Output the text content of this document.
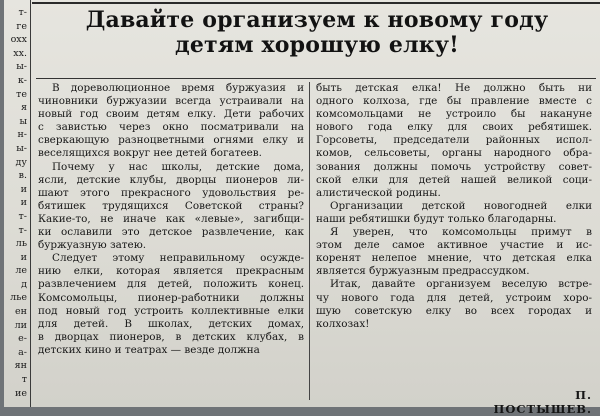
т-
ге
охх
хх.
ы-
к-
те
я
ы
н-
ы-
ду
в.
и
и
т-
т-
ль
и
ле
д
лье
ен
ли
е-
а-
ян
т
ие
Давайте организуем к новому году
детям хорошую елку!
В дореволюционное время буржуазия и
чиновники буржуазии всегда устраивали на
новый год своим детям елку. Дети рабочих
с завистью через окно посматривали на
сверкающую разноцветными огнями елку и
веселящихся вокруг нее детей богатеев.
Почему у нас школы, детские дома,
ясли, детские клубы, дворцы пионеров ли-
шают этого прекрасного удовольствия ре-
бятишек трудящихся Советской страны?
Какие-то, не иначе как «левые», загибщи-
ки ославили это детское развлечение, как
буржуазную затею.
Следует этому неправильному осужде-
нию елки, которая является прекрасным
развлечением для детей, положить конец.
Комсомольцы, пионер-работники должны
под новый год устроить коллективные елки
для детей. В школах, детских домах,
в дворцах пионеров, в детских клубах, в
детских кино и театрах — везде должна
быть детская елка! Не должно быть ни
одного колхоза, где бы правление вместе с
комсомольцами не устроило бы накануне
нового года елку для своих ребятишек.
Горсоветы, председатели районных испол-
комов, сельсоветы, органы народного обра-
зования должны помочь устройству совет-
ской елки для детей нашей великой соци-
алистической родины.
Организации детской новогодней елки
наши ребятишки будут только благодарны.
Я уверен, что комсомольцы примут в
этом деле самое активное участие и ис-
коренят нелепое мнение, что детская елка
является буржуазным предрассудком.
Итак, давайте организуем веселую встре-
чу нового года для детей, устроим хоро-
шую советскую елку во всех городах и
колхозах!
П. ПОСТЫШЕВ.
